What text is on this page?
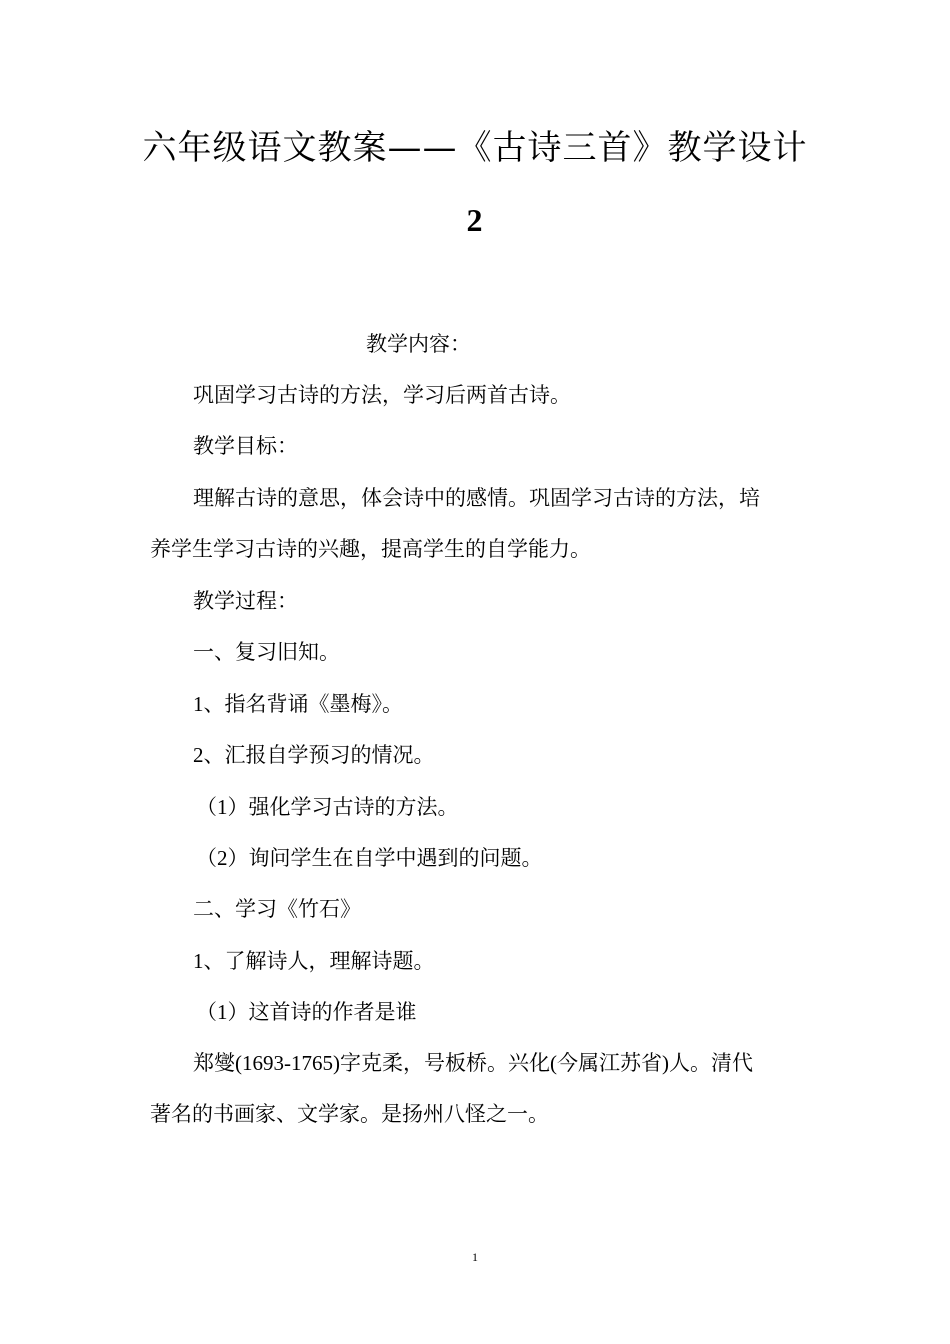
六年级语文教案——《古诗三首》教学设计
2

教学内容：

巩固学习古诗的方法，学习后两首古诗。

教学目标：

理解古诗的意思，体会诗中的感情。巩固学习古诗的方法，培

养学生学习古诗的兴趣，提高学生的自学能力。

教学过程：

一、复习旧知。

1、指名背诵《墨梅》。

2、汇报自学预习的情况。

（1）强化学习古诗的方法。

（2）询问学生在自学中遇到的问题。

二、学习《竹石》

1、了解诗人，理解诗题。

（1）这首诗的作者是谁

郑燮(1693-1765)字克柔，号板桥。兴化(今属江苏省)人。清代

著名的书画家、文学家。是扬州八怪之一。

1
